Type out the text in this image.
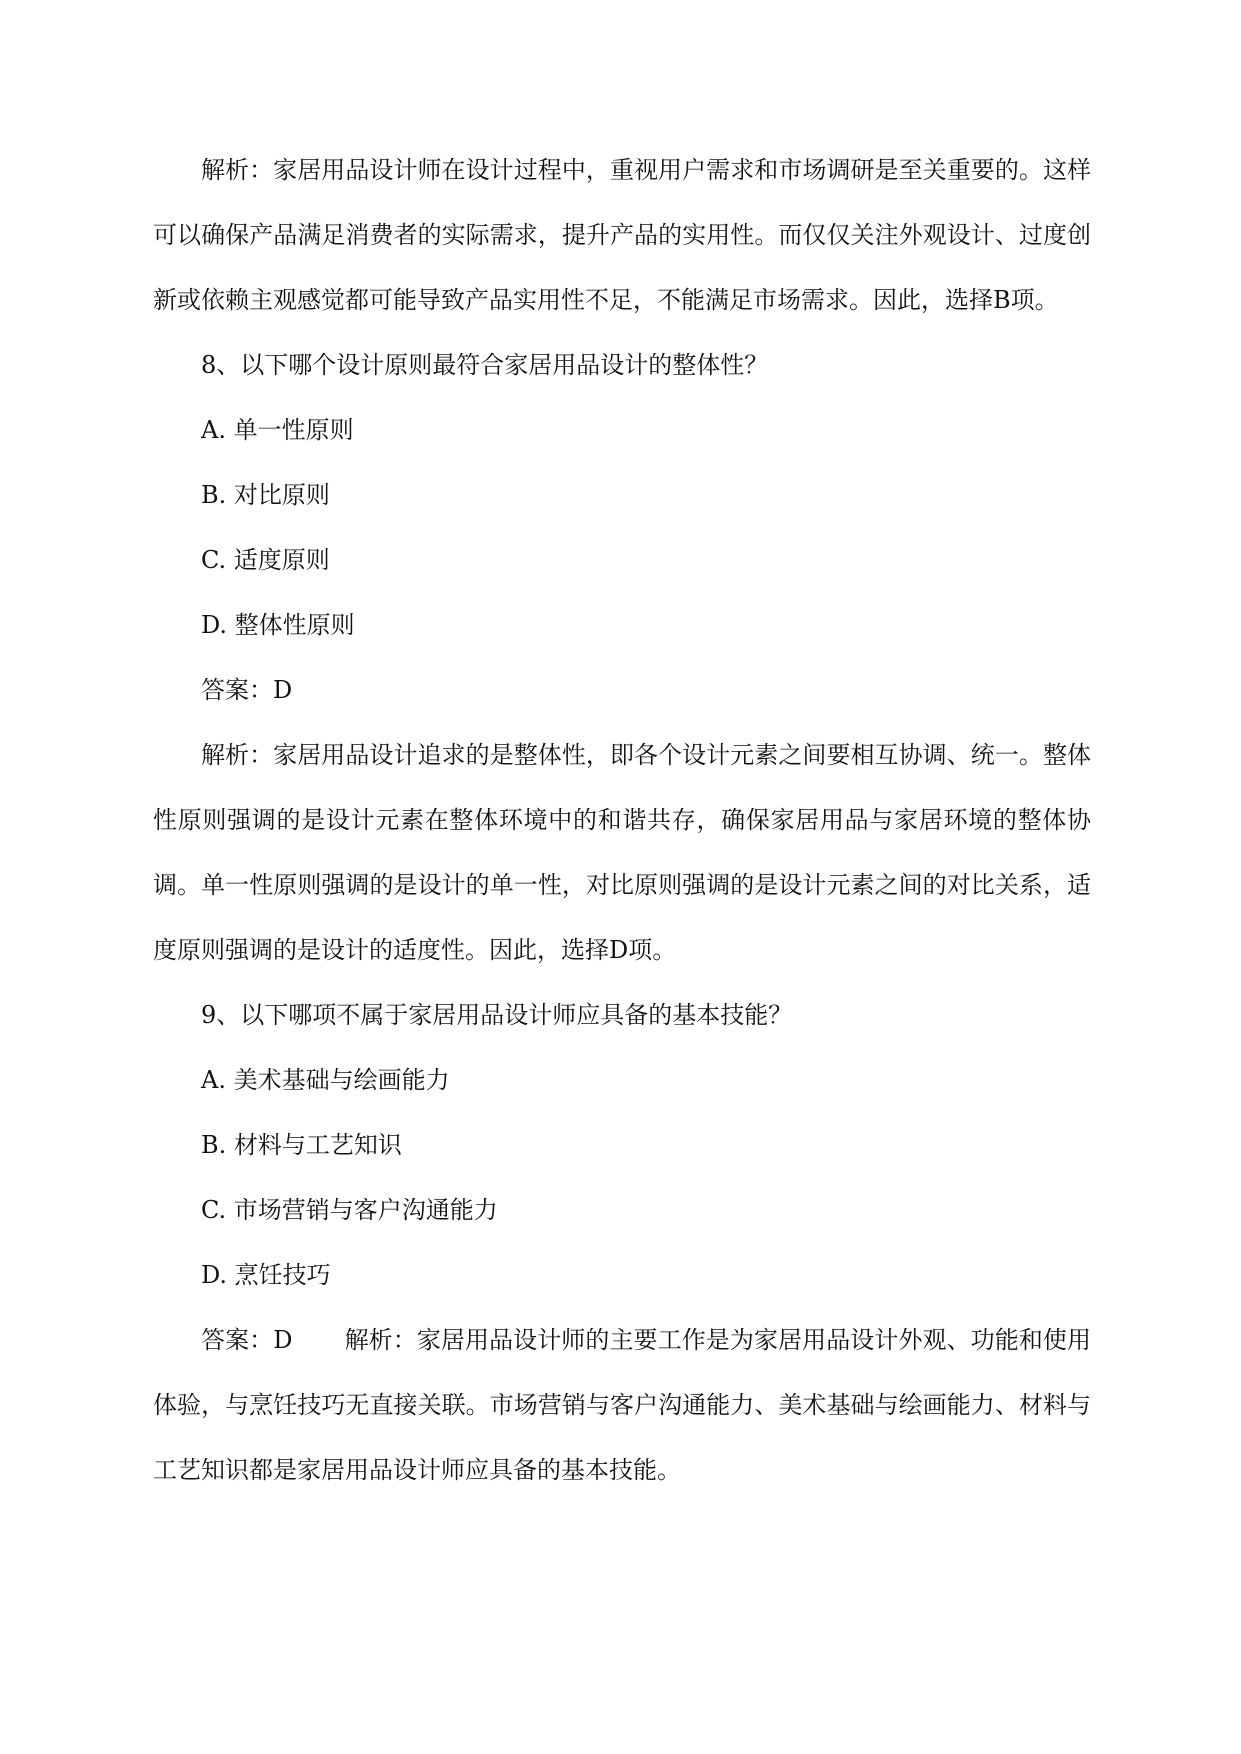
解析：家居用品设计师在设计过程中，重视用户需求和市场调研是至关重要的。这样可以确保产品满足消费者的实际需求，提升产品的实用性。而仅仅关注外观设计、过度创新或依赖主观感觉都可能导致产品实用性不足，不能满足市场需求。因此，选择B项。

8、以下哪个设计原则最符合家居用品设计的整体性？

A. 单一性原则

B. 对比原则

C. 适度原则

D. 整体性原则

答案：D

解析：家居用品设计追求的是整体性，即各个设计元素之间要相互协调、统一。整体性原则强调的是设计元素在整体环境中的和谐共存，确保家居用品与家居环境的整体协调。单一性原则强调的是设计的单一性，对比原则强调的是设计元素之间的对比关系，适度原则强调的是设计的适度性。因此，选择D项。

9、以下哪项不属于家居用品设计师应具备的基本技能？

A. 美术基础与绘画能力

B. 材料与工艺知识

C. 市场营销与客户沟通能力

D. 烹饪技巧

答案：D 解析：家居用品设计师的主要工作是为家居用品设计外观、功能和使用体验，与烹饪技巧无直接关联。市场营销与客户沟通能力、美术基础与绘画能力、材料与工艺知识都是家居用品设计师应具备的基本技能。
